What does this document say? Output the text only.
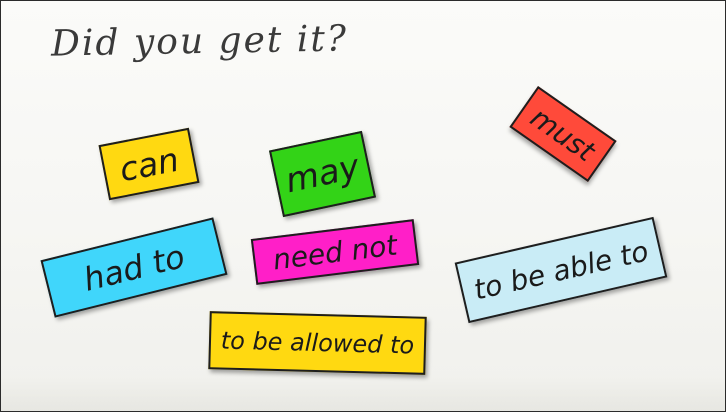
Did you get it?
can	may
must
had to	need not	to be able to
to be allowed to
